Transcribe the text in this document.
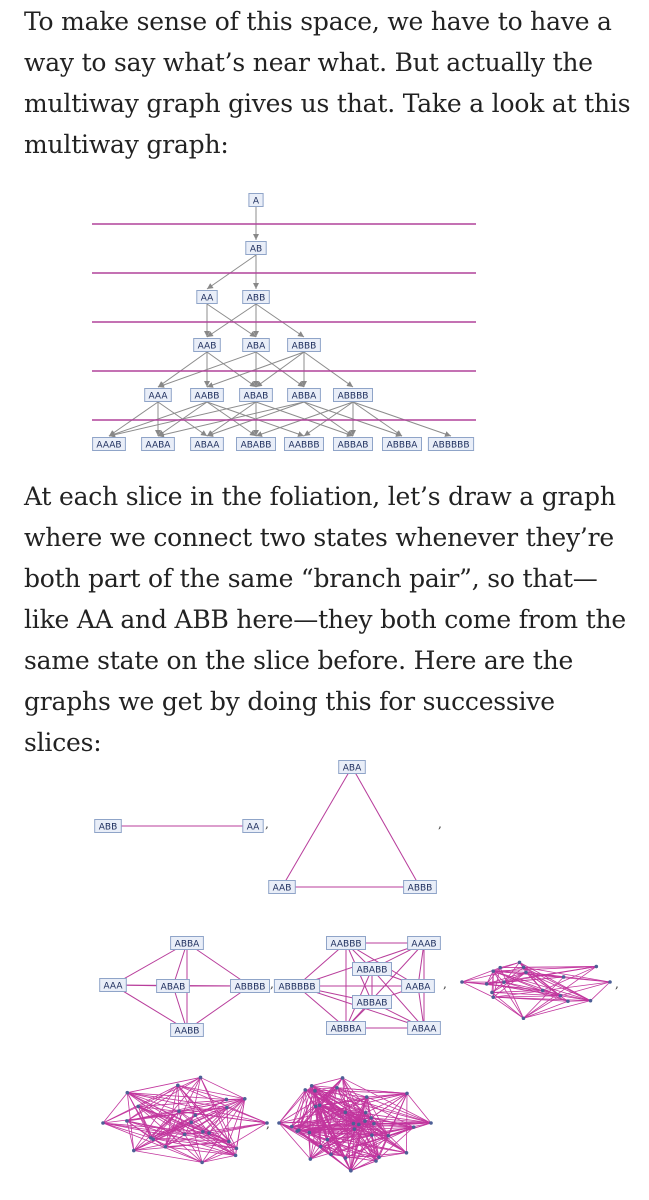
To make sense of this space, we have to have a way to say what’s near what. But actually the multiway graph gives us that. Take a look at this multiway graph:

A
AB
AA	ABB
AAB	ABA	ABBB
AAA	AABB	ABAB	ABBA ABBBB
AAAB	AABA	ABAA ABABB AABBB ABBAB ABBBA ABBBBB

At each slice in the foliation, let’s draw a graph where we connect two states whenever they’re both part of the same “branch pair”, so that—like AA and ABB here—they both come from the same state on the slice before. Here are the graphs we get by doing this for successive slices:

ABB	AA ,
ABA
AAB	ABBB
,
ABBA
AAA	ABAB	ABBBB
AABB
,
AABBB	AAAB
ABABB
ABBBBB	AABA
ABBAB
ABBBA	ABAA
,	,
,
